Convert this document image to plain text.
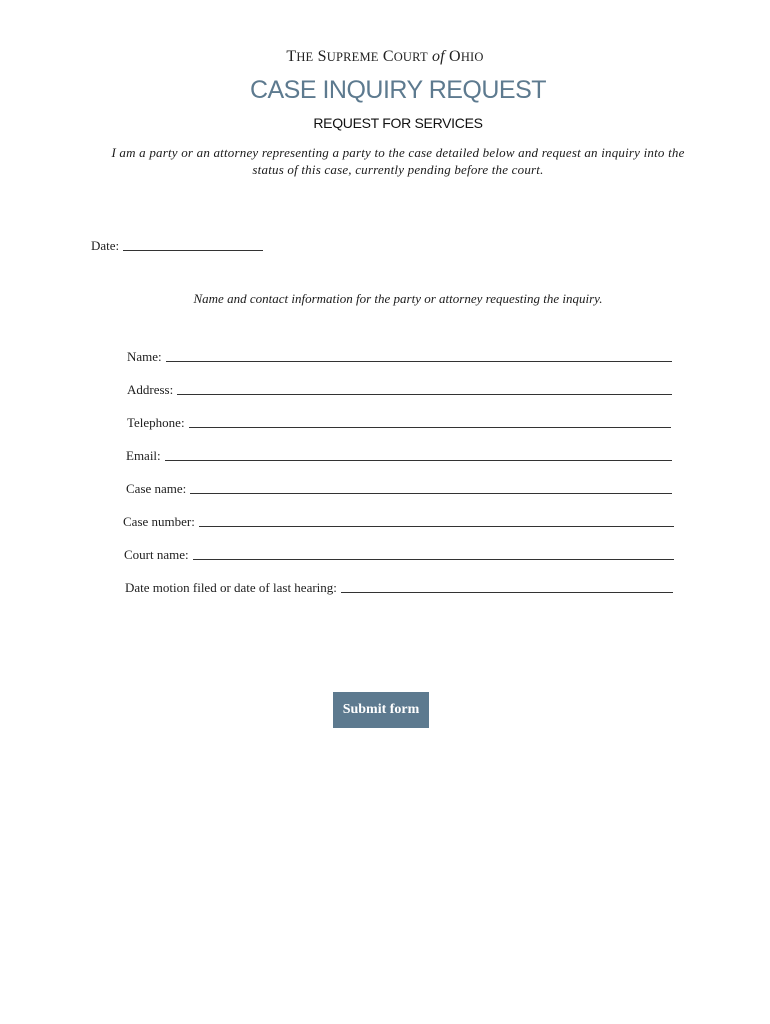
THE SUPREME COURT of OHIO
CASE INQUIRY REQUEST
REQUEST FOR SERVICES
I am a party or an attorney representing a party to the case detailed below and request an inquiry into the status of this case, currently pending before the court.
Date:
Name and contact information for the party or attorney requesting the inquiry.
Name:
Address:
Telephone:
Email:
Case name:
Case number:
Court name:
Date motion filed or date of last hearing:
Submit form
